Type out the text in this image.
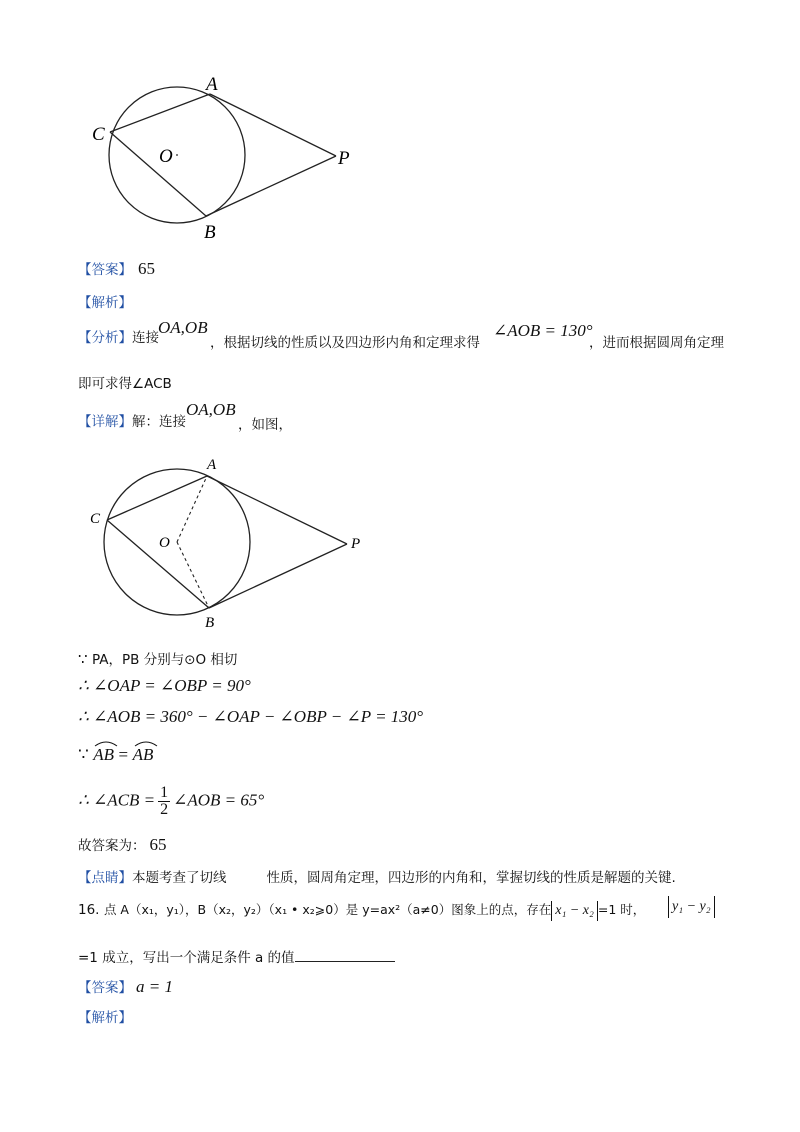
A
C
O	P
B
【答案】 65
【解析】
【分析】连接
OA,OB
，根据切线的性质以及四边形内角和定理求得
∠AOB = 130°
，进而根据圆周角定理
即可求得∠ACB
【详解】解：连接
OA,OB
，如图，
A
C
O	P
B
∵ PA，PB 分别与⊙O 相切
∴ ∠OAP = ∠OBP = 90°
∴ ∠AOB = 360° − ∠OAP − ∠OBP − ∠P = 130°
∵ AB = AB
∴ ∠ACB = $\frac{1}{2}$ ∠AOB = 65°
故答案为： 65
【点睛】本题考查了切线	性质，圆周角定理，四边形的内角和，掌握切线的性质是解题的关键.
16. 点 A（x₁，y₁），B（x₂，y₂）（x₁ • x₂⩾0）是 y=ax²（a≠0）图象上的点，存在 x₁ − x₂ =1 时， y₁ − y₂
=1 成立，写出一个满足条件 a 的值
【答案】 a = 1
【解析】
